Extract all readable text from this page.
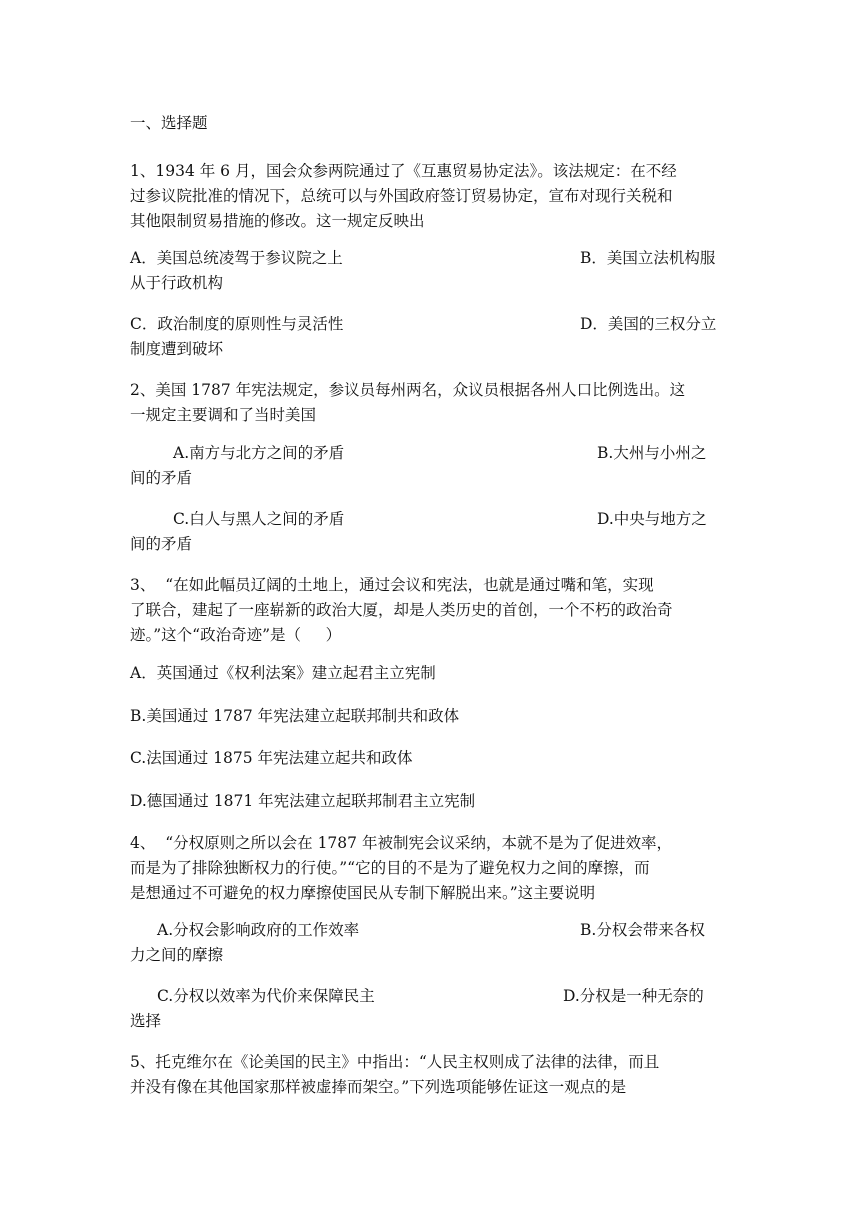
一、选择题
1、1934 年 6 月，国会众参两院通过了《互惠贸易协定法》。该法规定：在不经
过参议院批准的情况下，总统可以与外国政府签订贸易协定，宣布对现行关税和
其他限制贸易措施的修改。这一规定反映出
A．美国总统凌驾于参议院之上	B．美国立法机构服
从于行政机构
C．政治制度的原则性与灵活性	D．美国的三权分立
制度遭到破坏
2、美国 1787 年宪法规定，参议员每州两名，众议员根据各州人口比例选出。这
一规定主要调和了当时美国
A.南方与北方之间的矛盾	B.大州与小州之
间的矛盾
C.白人与黑人之间的矛盾	D.中央与地方之
间的矛盾
3、  “在如此幅员辽阔的土地上，通过会议和宪法，也就是通过嘴和笔，实现
了联合，建起了一座崭新的政治大厦，却是人类历史的首创，一个不朽的政治奇
迹。”这个“政治奇迹”是（     ）
A．英国通过《权利法案》建立起君主立宪制
B.美国通过 1787 年宪法建立起联邦制共和政体
C.法国通过 1875 年宪法建立起共和政体
D.德国通过 1871 年宪法建立起联邦制君主立宪制
4、  “分权原则之所以会在 1787 年被制宪会议采纳，本就不是为了促进效率，
而是为了排除独断权力的行使。”“它的目的不是为了避免权力之间的摩擦，而
是想通过不可避免的权力摩擦使国民从专制下解脱出来。”这主要说明
A.分权会影响政府的工作效率	B.分权会带来各权
力之间的摩擦
C.分权以效率为代价来保障民主	D.分权是一种无奈的
选择
5、托克维尔在《论美国的民主》中指出：“人民主权则成了法律的法律，而且
并没有像在其他国家那样被虚捧而架空。”下列选项能够佐证这一观点的是
